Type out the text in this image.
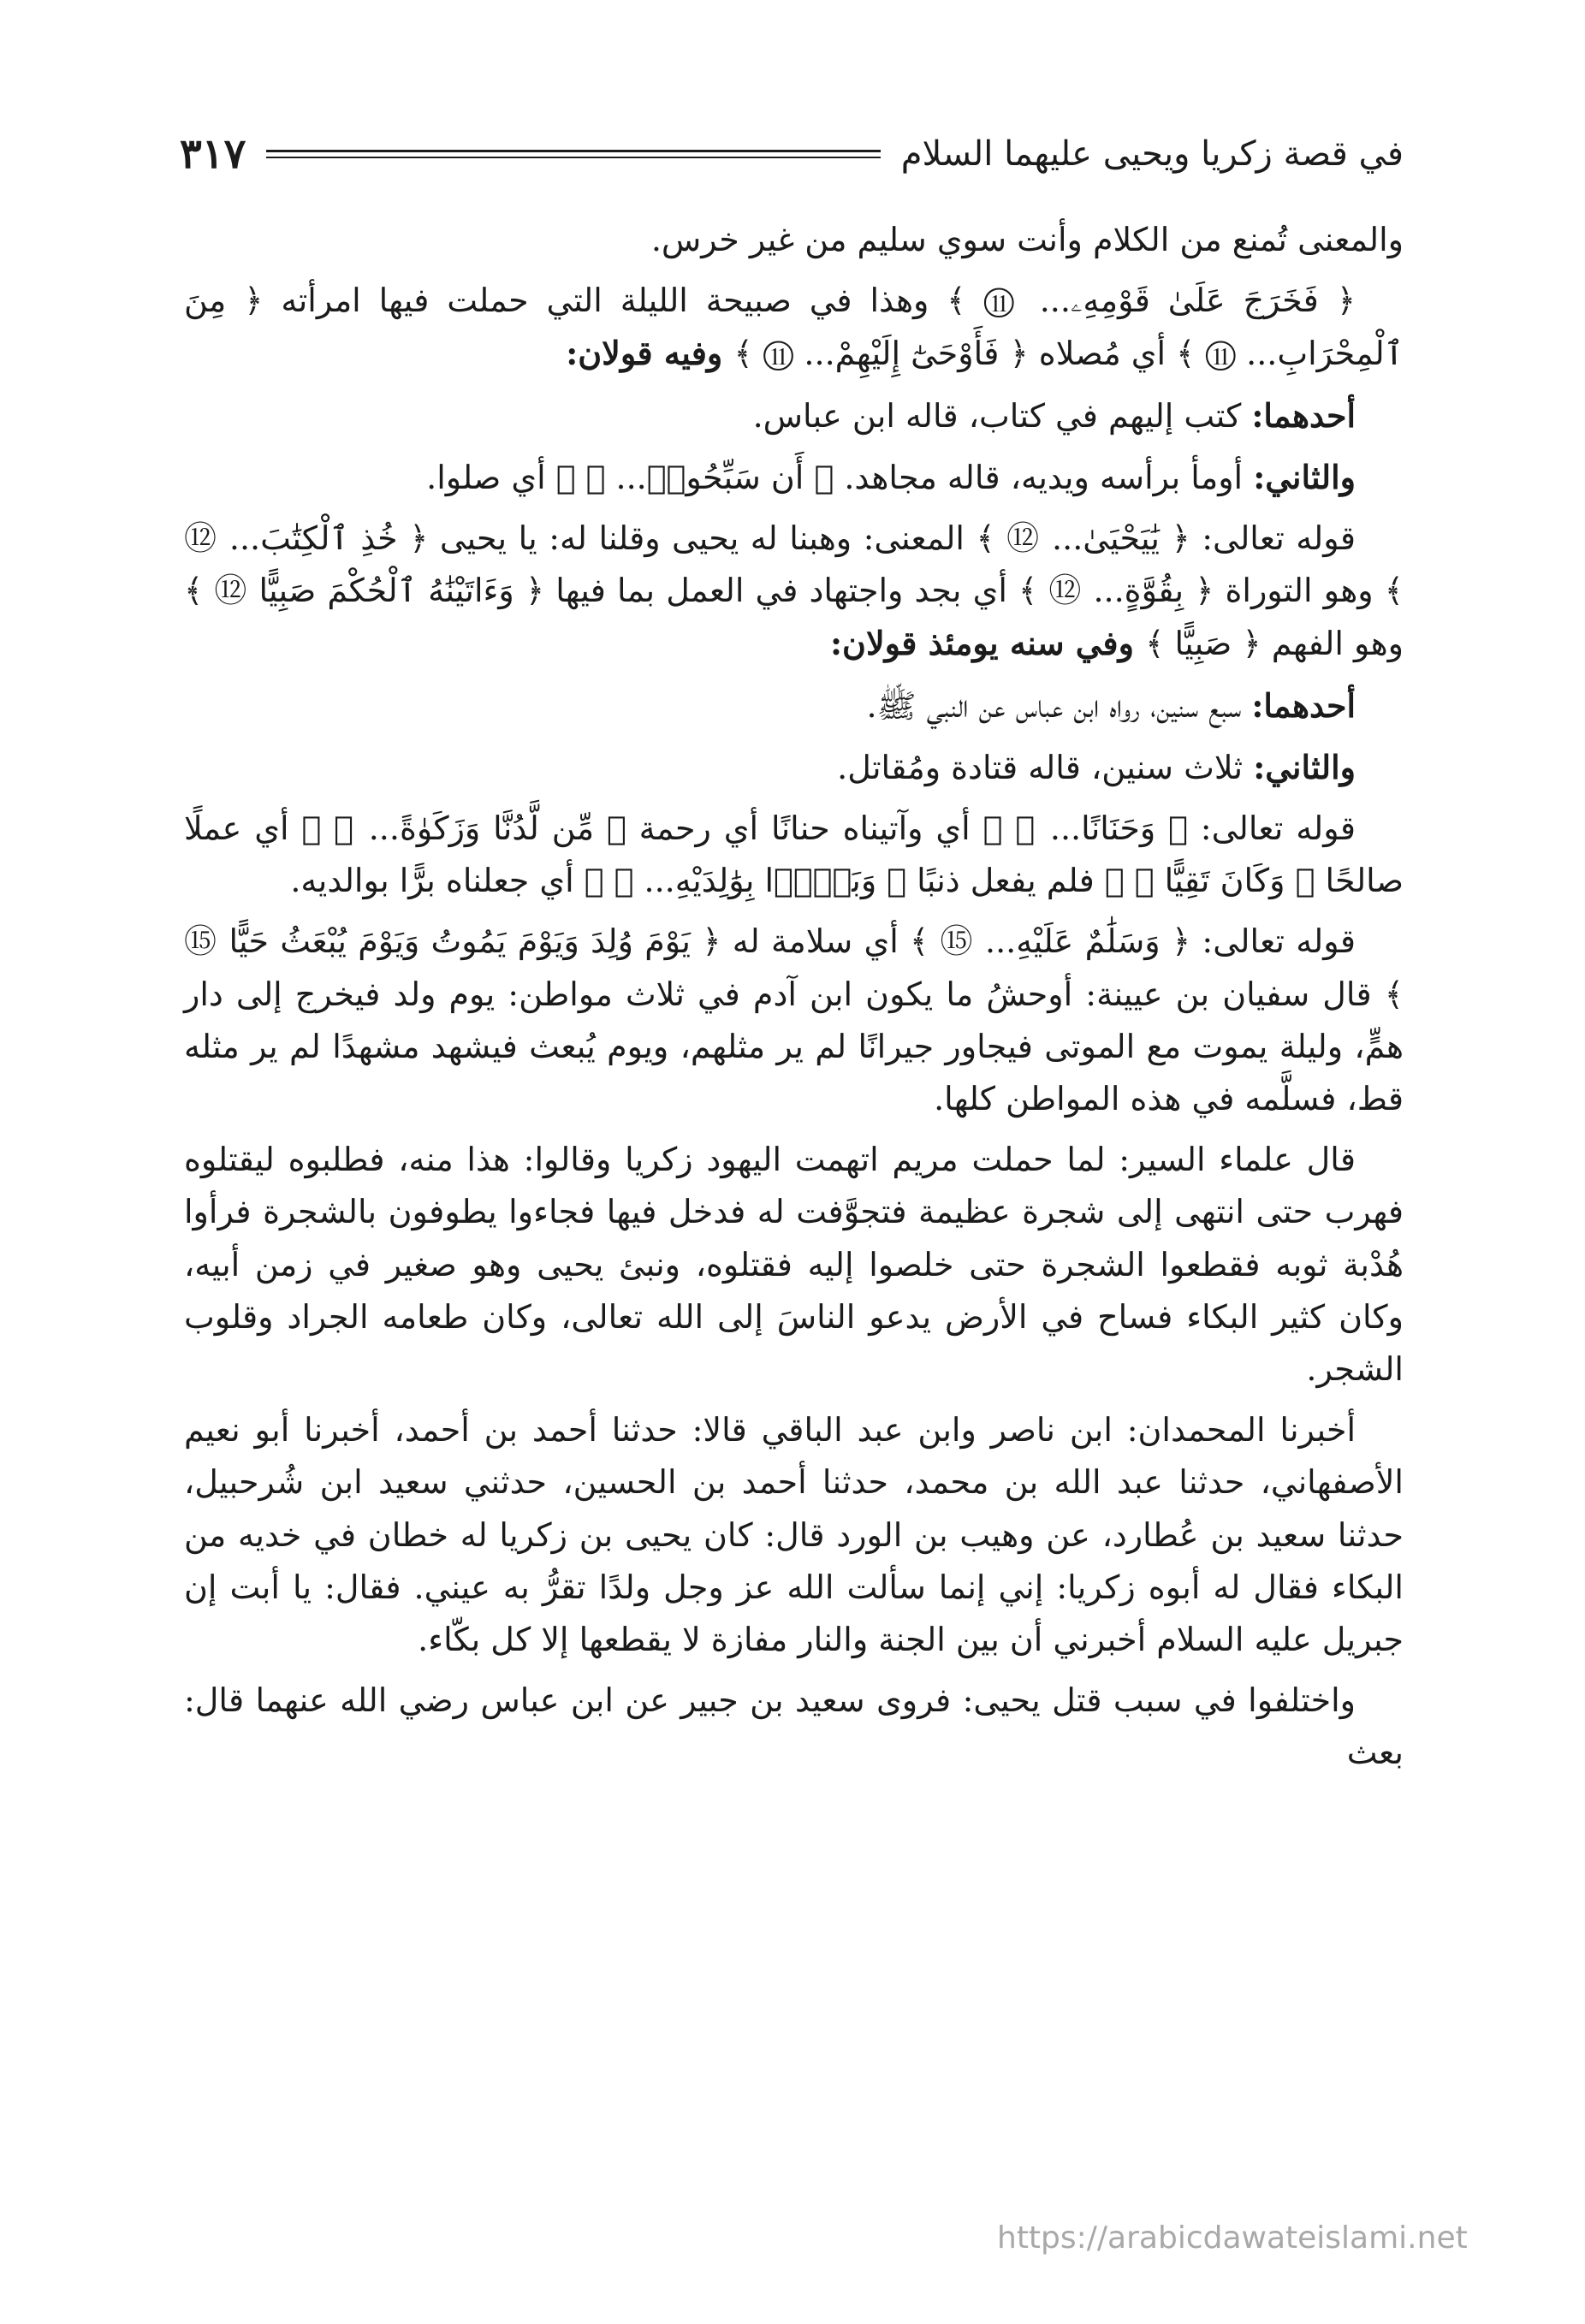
في قصة زكريا ويحيى عليهما السلام
٣١٧

والمعنى تُمنع من الكلام وأنت سوي سليم من غير خرس.

﴿ فَخَرَجَ عَلَىٰ قَوْمِهِۦ... ⑪ ﴾ وهذا في صبيحة الليلة التي حملت فيها امرأته ﴿ مِنَ ٱلْمِحْرَابِ... ⑪ ﴾ أي مُصلاه ﴿ فَأَوْحَىٰٓ إِلَيْهِمْ... ⑪ ﴾ وفيه قولان:

أحدهما: كتب إليهم في كتاب، قاله ابن عباس.

والثاني: أومأ برأسه ويديه، قاله مجاهد. ﴿ أَن سَبِّحُوا۟... ⑪ ﴾ أي صلوا.

قوله تعالى: ﴿ يَٰيَحْيَىٰ... ⑫ ﴾ المعنى: وهبنا له يحيى وقلنا له: يا يحيى ﴿ خُذِ ٱلْكِتَٰبَ... ⑫ ﴾ وهو التوراة ﴿ بِقُوَّةٍ... ⑫ ﴾ أي بجد واجتهاد في العمل بما فيها ﴿ وَءَاتَيْنَٰهُ ٱلْحُكْمَ صَبِيًّا ⑫ ﴾ وهو الفهم ﴿ صَبِيًّا ﴾ وفي سنه يومئذ قولان:

أحدهما: سبع سنين، رواه ابن عباس عن النبي ﷺ.

والثاني: ثلاث سنين، قاله قتادة ومُقاتل.

قوله تعالى: ﴿ وَحَنَانًا... ⑬ ﴾ أي وآتيناه حنانًا أي رحمة ﴿ مِّن لَّدُنَّا وَزَكَوٰةً... ⑬ ﴾ أي عملًا صالحًا ﴿ وَكَانَ تَقِيًّا ⑬ ﴾ فلم يفعل ذنبًا ﴿ وَبَرًّۢا بِوَٰلِدَيْهِ... ⑭ ﴾ أي جعلناه برًّا بوالديه.

قوله تعالى: ﴿ وَسَلَٰمٌ عَلَيْهِ... ⑮ ﴾ أي سلامة له ﴿ يَوْمَ وُلِدَ وَيَوْمَ يَمُوتُ وَيَوْمَ يُبْعَثُ حَيًّا ⑮ ﴾ قال سفيان بن عيينة: أوحشُ ما يكون ابن آدم في ثلاث مواطن: يوم ولد فيخرج إلى دار همٍّ، وليلة يموت مع الموتى فيجاور جيرانًا لم ير مثلهم، ويوم يُبعث فيشهد مشهدًا لم ير مثله قط، فسلَّمه في هذه المواطن كلها.

قال علماء السير: لما حملت مريم اتهمت اليهود زكريا وقالوا: هذا منه، فطلبوه ليقتلوه فهرب حتى انتهى إلى شجرة عظيمة فتجوَّفت له فدخل فيها فجاءوا يطوفون بالشجرة فرأوا هُدْبة ثوبه فقطعوا الشجرة حتى خلصوا إليه فقتلوه، ونبئ يحيى وهو صغير في زمن أبيه، وكان كثير البكاء فساح في الأرض يدعو الناسَ إلى الله تعالى، وكان طعامه الجراد وقلوب الشجر.

أخبرنا المحمدان: ابن ناصر وابن عبد الباقي قالا: حدثنا أحمد بن أحمد، أخبرنا أبو نعيم الأصفهاني، حدثنا عبد الله بن محمد، حدثنا أحمد بن الحسين، حدثني سعيد ابن شُرحبيل، حدثنا سعيد بن عُطارد، عن وهيب بن الورد قال: كان يحيى بن زكريا له خطان في خديه من البكاء فقال له أبوه زكريا: إني إنما سألت الله عز وجل ولدًا تقرُّ به عيني. فقال: يا أبت إن جبريل عليه السلام أخبرني أن بين الجنة والنار مفازة لا يقطعها إلا كل بكّاء.

واختلفوا في سبب قتل يحيى: فروى سعيد بن جبير عن ابن عباس رضي الله عنهما قال: بعث

https://arabicdawateislami.net
